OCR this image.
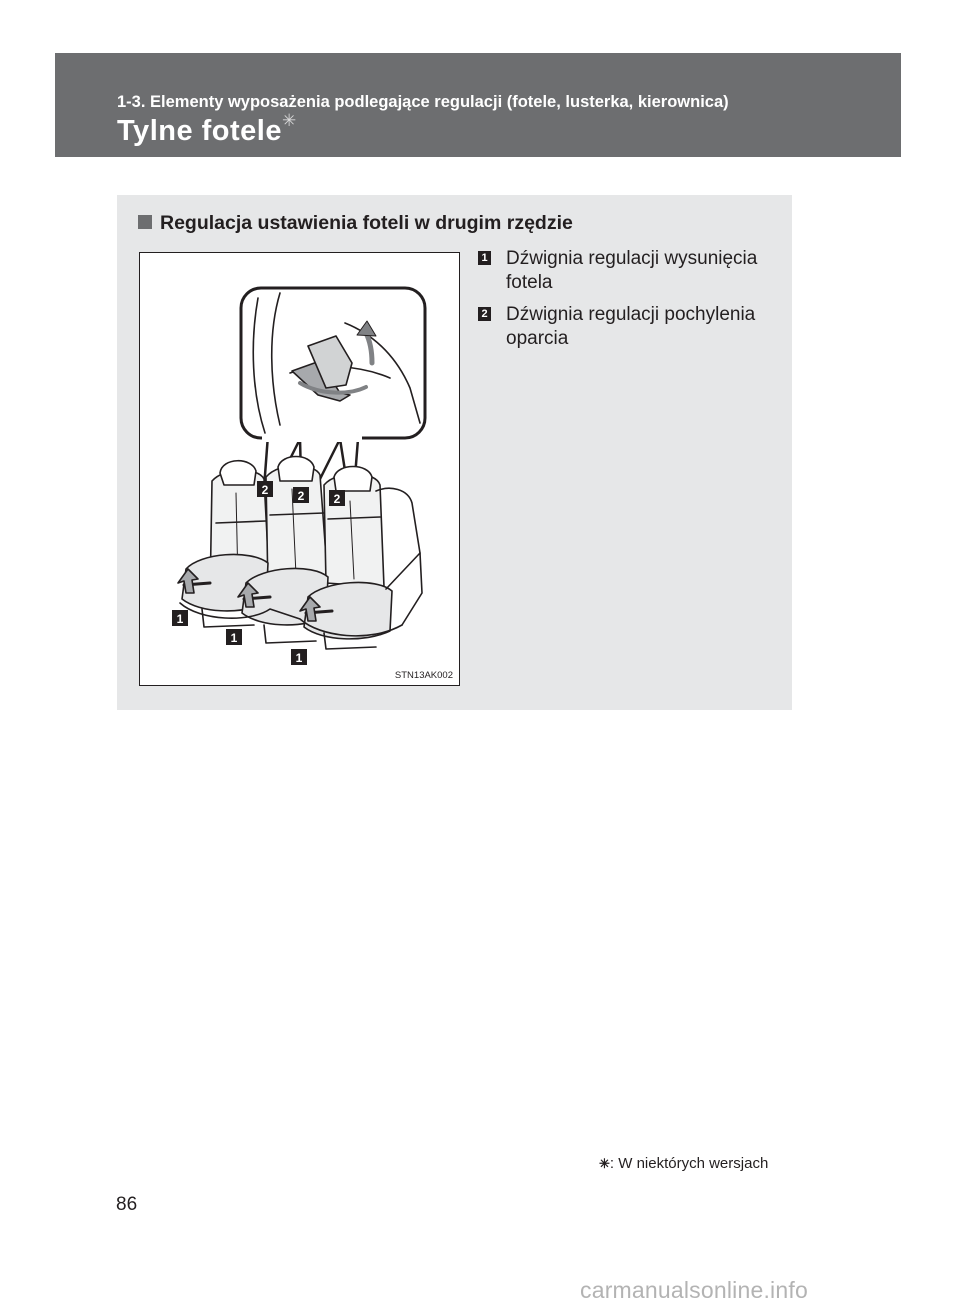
1-3. Elementy wyposażenia podlegające regulacji (fotele, lusterka, kierownica)
Tylne fotele✳
Regulacja ustawienia foteli w drugim rzędzie
2 2 2
1
1
1
STN13AK002
1 Dźwignia regulacji wysunięcia fotela
2 Dźwignia regulacji pochylenia oparcia
✳: W niektórych wersjach
86
carmanualsonline.info
